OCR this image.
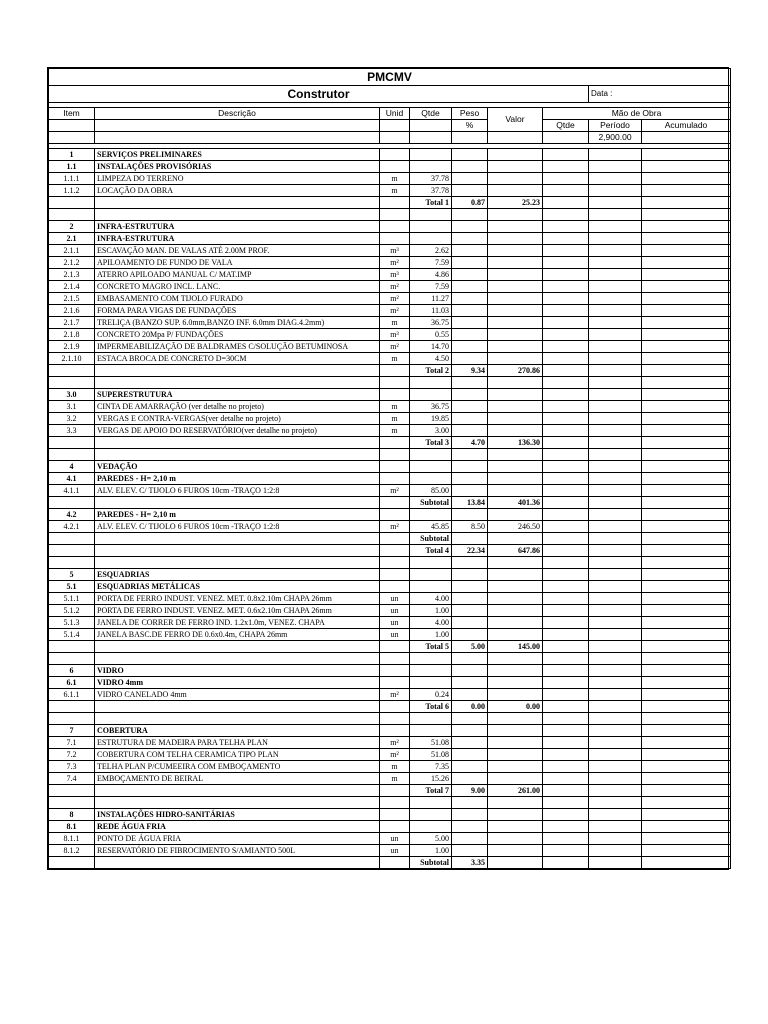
PMCMV								
Construtor							Data :	

Item	Descrição	Unid	Qtde	Peso	Valor	Mão de Obra		
				%		Qtde	Período	Acumulado
							2,900.00	

1	SERVIÇOS PRELIMINARES							
1.1	INSTALAÇÕES PROVISÓRIAS							
1.1.1	LIMPEZA DO TERRENO	m	37.78					
1.1.2	LOCAÇÃO DA OBRA	m	37.78					
			Total 1	0.87	25.23			

2	INFRA-ESTRUTURA							
2.1	INFRA-ESTRUTURA							
2.1.1	ESCAVAÇÃO MAN. DE VALAS ATÉ 2.00M PROF.	m³	2.62					
2.1.2	APILOAMENTO DE FUNDO DE VALA	m²	7.59					
2.1.3	ATERRO APILOADO MANUAL C/ MAT.IMP	m³	4.86					
2.1.4	CONCRETO MAGRO INCL. LANC.	m²	7.59					
2.1.5	EMBASAMENTO COM TIJOLO FURADO	m²	11.27					
2.1.6	FORMA PARA VIGAS DE FUNDAÇÕES	m²	11.03					
2.1.7	TRELIÇA (BANZO SUP. 6.0mm,BANZO INF. 6.0mm DIAG.4.2mm)	m	36.75					
2.1.8	CONCRETO 20Mpa P/ FUNDAÇÕES	m³	0.55					
2.1.9	IMPERMEABILIZAÇÃO DE BALDRAMES C/SOLUÇÃO BETUMINOSA	m²	14.70					
2.1.10	ESTACA BROCA DE CONCRETO D=30CM	m	4.50					
			Total 2	9.34	270.86			

3.0	SUPERESTRUTURA							
3.1	CINTA DE AMARRAÇÃO (ver detalhe no projeto)	m	36.75					
3.2	VERGAS E CONTRA-VERGAS(ver detalhe no projeto)	m	19.85					
3.3	VERGAS DE APOIO DO RESERVATÓRIO(ver detalhe no projeto)	m	3.00					
			Total 3	4.70	136.30			

4	VEDAÇÃO							
4.1	PAREDES - H= 2,10 m							
4.1.1	ALV. ELEV. C/ TIJOLO 6 FUROS 10cm -TRAÇO 1:2:8	m²	85.00					
			Subtotal	13.84	401.36			
4.2	PAREDES - H= 2,10 m							
4.2.1	ALV. ELEV. C/ TIJOLO 6 FUROS 10cm -TRAÇO 1:2:8	m²	45.85	8.50	246.50			
			Subtotal					
			Total 4	22.34	647.86			

5	ESQUADRIAS							
5.1	ESQUADRIAS METÁLICAS							
5.1.1	PORTA DE FERRO INDUST. VENEZ. MET. 0.8x2.10m CHAPA 26mm	un	4.00					
5.1.2	PORTA DE FERRO INDUST. VENEZ. MET. 0.6x2.10m CHAPA 26mm	un	1.00					
5.1.3	JANELA DE CORRER DE FERRO IND. 1.2x1.0m, VENEZ. CHAPA	un	4.00					
5.1.4	JANELA BASC.DE FERRO DE 0.6x0.4m, CHAPA 26mm	un	1.00					
			Total 5	5.00	145.00			

6	VIDRO							
6.1	VIDRO 4mm							
6.1.1	VIDRO CANELADO 4mm	m²	0.24					
			Total 6	0.00	0.00			

7	COBERTURA							
7.1	ESTRUTURA DE MADEIRA PARA TELHA PLAN	m²	51.08					
7.2	COBERTURA COM TELHA CERAMICA TIPO PLAN	m²	51.08					
7.3	TELHA PLAN P/CUMEEIRA COM EMBOÇAMENTO	m	7.35					
7.4	EMBOÇAMENTO DE BEIRAL	m	15.26					
			Total 7	9.00	261.00			

8	INSTALAÇÕES HIDRO-SANITÁRIAS							
8.1	REDE ÁGUA FRIA							
8.1.1	PONTO DE ÁGUA FRIA	un	5.00					
8.1.2	RESERVATÓRIO DE FIBROCIMENTO S/AMIANTO 500L	un	1.00					
			Subtotal	3.35				
